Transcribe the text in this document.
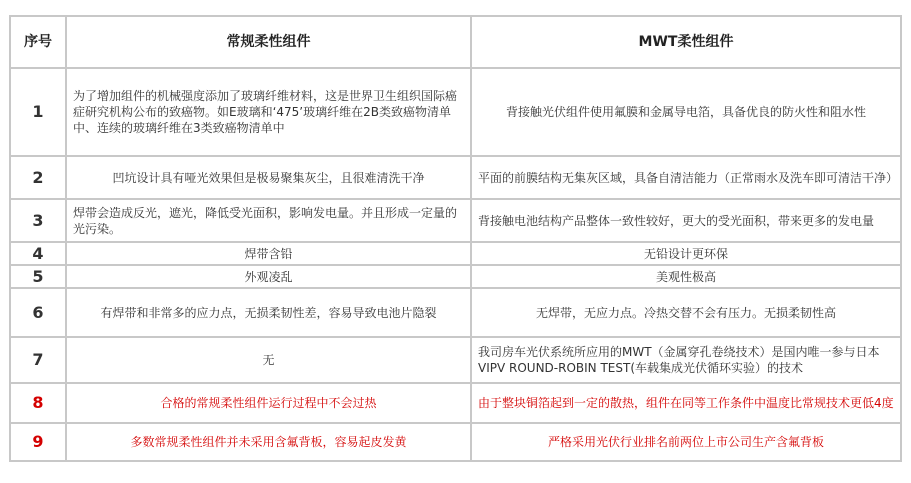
序号	常规柔性组件	MWT柔性组件
1	为了增加组件的机械强度添加了玻璃纤维材料，这是世界卫生组织国际癌症研究机构公布的致癌物。如E玻璃和‘475’玻璃纤维在2B类致癌物清单中、连续的玻璃纤维在3类致癌物清单中	背接触光伏组件使用氟膜和金属导电箔，具备优良的防火性和阻水性
2	凹坑设计具有哑光效果但是极易聚集灰尘，且很难清洗干净	平面的前膜结构无集灰区域，具备自清洁能力（正常雨水及洗车即可清洁干净）
3	焊带会造成反光，遮光，降低受光面积，影响发电量。并且形成一定量的光污染。	背接触电池结构产品整体一致性较好，更大的受光面积，带来更多的发电量
4	焊带含铅	无铅设计更环保
5	外观凌乱	美观性极高
6	有焊带和非常多的应力点，无损柔韧性差，容易导致电池片隐裂	无焊带，无应力点。冷热交替不会有压力。无损柔韧性高
7	无	我司房车光伏系统所应用的MWT（金属穿孔卷绕技术）是国内唯一参与日本VIPV ROUND-ROBIN TEST(车载集成光伏循环实验）的技术
8	合格的常规柔性组件运行过程中不会过热	由于整块铜箔起到一定的散热，组件在同等工作条件中温度比常规技术更低4度
9	多数常规柔性组件并未采用含氟背板，容易起皮发黄	严格采用光伏行业排名前两位上市公司生产含氟背板
